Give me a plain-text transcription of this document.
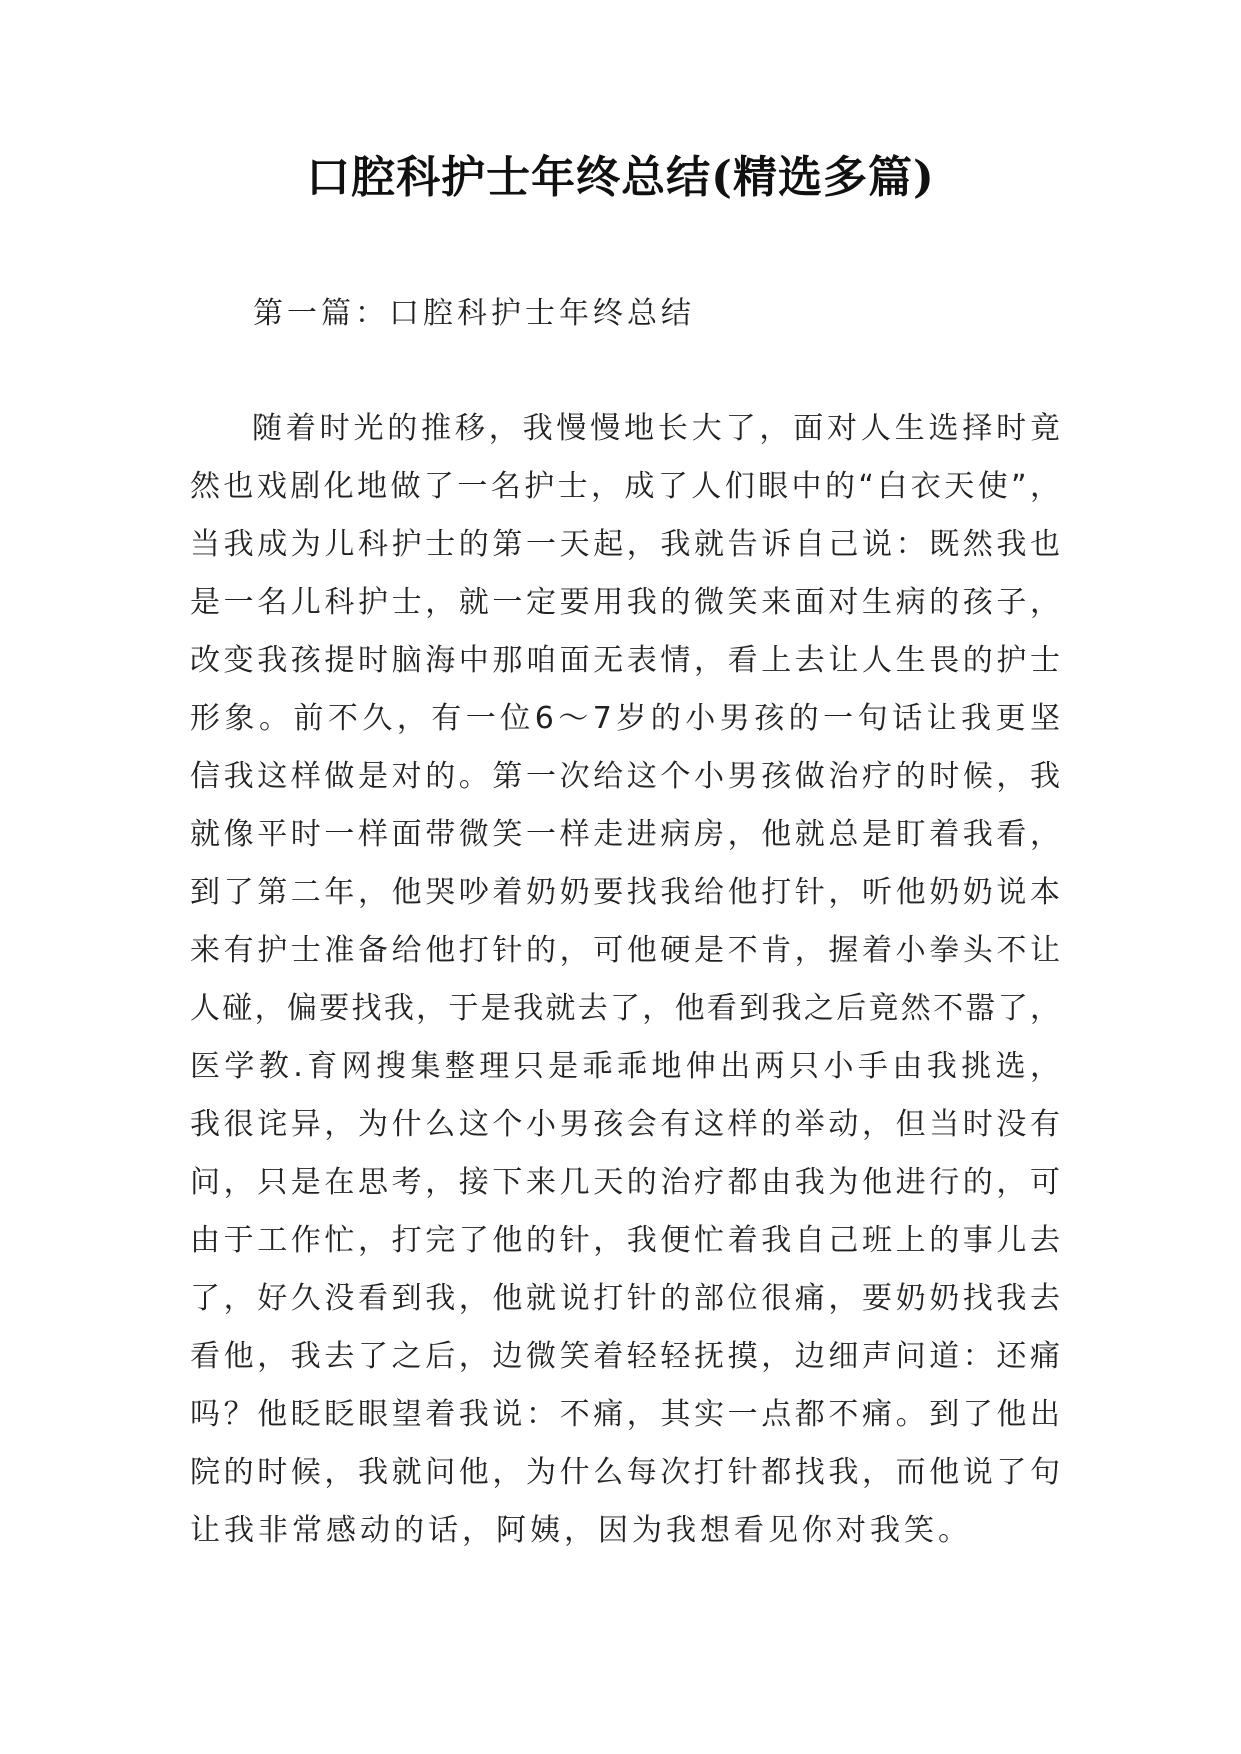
口腔科护士年终总结(精选多篇)
第一篇：口腔科护士年终总结
随着时光的推移，我慢慢地长大了，面对人生选择时竟
然也戏剧化地做了一名护士，成了人们眼中的“白衣天使”，
当我成为儿科护士的第一天起，我就告诉自己说：既然我也
是一名儿科护士，就一定要用我的微笑来面对生病的孩子，
改变我孩提时脑海中那咱面无表情，看上去让人生畏的护士
形象。前不久，有一位6～7岁的小男孩的一句话让我更坚
信我这样做是对的。第一次给这个小男孩做治疗的时候，我
就像平时一样面带微笑一样走进病房，他就总是盯着我看，
到了第二年，他哭吵着奶奶要找我给他打针，听他奶奶说本
来有护士准备给他打针的，可他硬是不肯，握着小拳头不让
人碰，偏要找我，于是我就去了，他看到我之后竟然不嚣了，
医学教.育网搜集整理只是乖乖地伸出两只小手由我挑选，
我很诧异，为什么这个小男孩会有这样的举动，但当时没有
问，只是在思考，接下来几天的治疗都由我为他进行的，可
由于工作忙，打完了他的针，我便忙着我自己班上的事儿去
了，好久没看到我，他就说打针的部位很痛，要奶奶找我去
看他，我去了之后，边微笑着轻轻抚摸，边细声问道：还痛
吗？他眨眨眼望着我说：不痛，其实一点都不痛。到了他出
院的时候，我就问他，为什么每次打针都找我，而他说了句
让我非常感动的话，阿姨，因为我想看见你对我笑。
